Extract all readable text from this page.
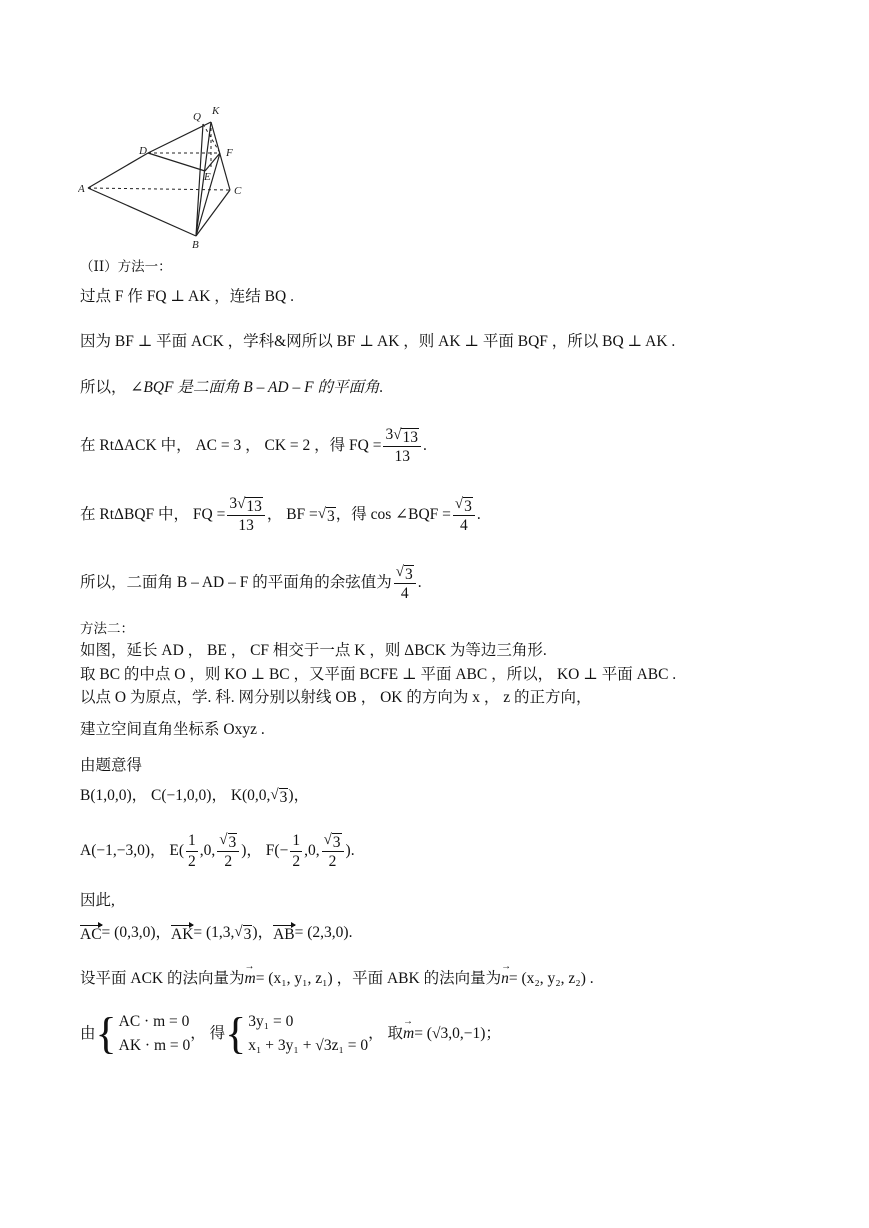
K
Q
D	F
E
A	C
B
（II）方法一：
过点 F 作 FQ ⊥ AK ，连结 BQ .
因为 BF ⊥ 平面 ACK ，学科&网所以 BF ⊥ AK ，则 AK ⊥ 平面 BQF ，所以 BQ ⊥ AK .
所以， ∠BQF 是二面角 B – AD – F 的平面角.
在 RtΔACK 中， AC = 3 ， CK = 2 ，得 FQ = $\frac{3 √ 13}{13}$ .
在 RtΔBQF 中， FQ = $\frac{3 √ 13}{13}$ ， BF = √ 3 ，得 cos ∠BQF = $\frac{√ 3}{4}$ .
所以，二面角 B – AD – F 的平面角的余弦值为 $\frac{√ 3}{4}$ .
方法二：
如图，延长 AD ， BE ， CF 相交于一点 K ，则 ΔBCK 为等边三角形.
取 BC 的中点 O ，则 KO ⊥ BC ，又平面 BCFE ⊥ 平面 ABC ，所以， KO ⊥ 平面 ABC .
以点 O 为原点，学. 科. 网分别以射线 OB ， OK 的方向为 x ， z 的正方向，
建立空间直角坐标系 Oxyz .
由题意得
B(1,0,0)， C(−1,0,0)， K(0,0, √ 3 )，
A(−1,−3,0)， $E( \frac{1}{2} ,0$, $\frac{√ 3}{2}$ )， $F(- \frac{1}{2} ,0$, $\frac{√ 3}{2}$ ).
因此,
AC = (0,3,0)， AK = (1,3, √ 3 )， AB = (2,3,0).
设平面 ACK 的法向量为 → m = (x₁, y₁, z₁) ，平面 ABK 的法向量为 → n = (x₂, y₂, z₂) .
由 { AC · m = 0
AK · m = 0
， 得 { 3y₁ = 0
x₁ + 3y₁ + √3z₁ = 0
， 取 → m = (√3,0,−1)；
